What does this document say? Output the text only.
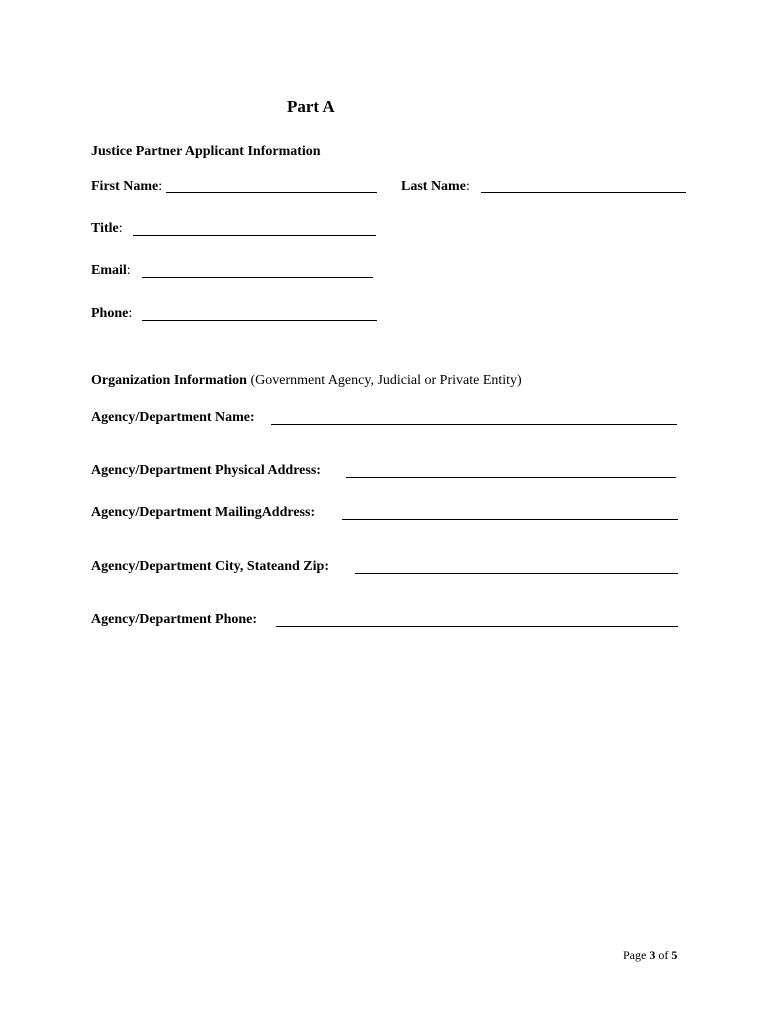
Part A
Justice Partner Applicant Information
First Name:	Last Name:
Title:
Email:
Phone:
Organization Information (Government Agency, Judicial or Private Entity)
Agency/Department Name:
Agency/Department Physical Address:
Agency/Department MailingAddress:
Agency/Department City, Stateand Zip:
Agency/Department Phone:
Page 3 of 5
